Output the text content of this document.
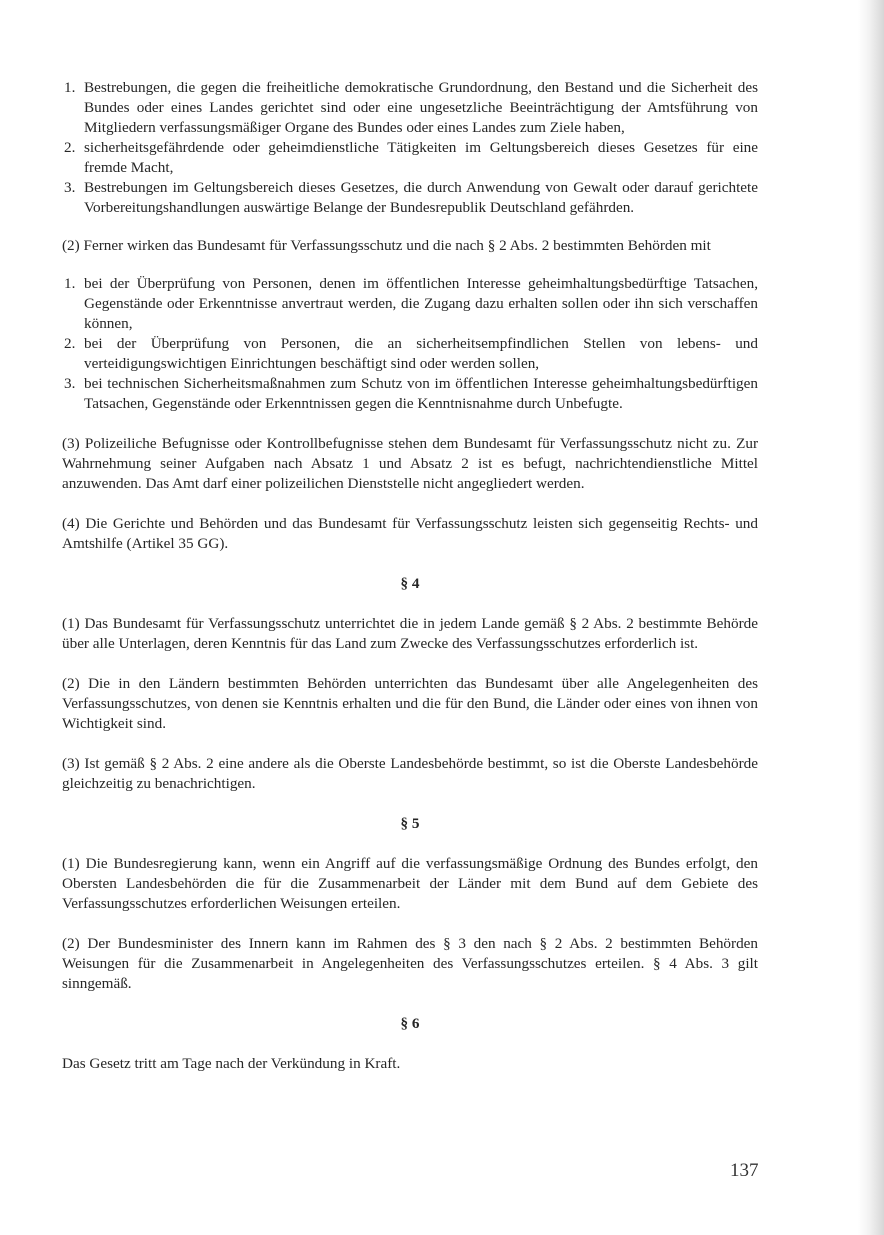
1. Bestrebungen, die gegen die freiheitliche demokratische Grundordnung, den Bestand und die Sicherheit des Bundes oder eines Landes gerichtet sind oder eine ungesetzliche Beeinträchtigung der Amtsführung von Mitgliedern verfassungsmäßiger Organe des Bundes oder eines Landes zum Ziele haben,
2. sicherheitsgefährdende oder geheimdienstliche Tätigkeiten im Geltungsbereich dieses Gesetzes für eine fremde Macht,
3. Bestrebungen im Geltungsbereich dieses Gesetzes, die durch Anwendung von Gewalt oder darauf gerichtete Vorbereitungshandlungen auswärtige Belange der Bundesrepublik Deutschland gefährden.

(2) Ferner wirken das Bundesamt für Verfassungsschutz und die nach § 2 Abs. 2 bestimmten Behörden mit

1. bei der Überprüfung von Personen, denen im öffentlichen Interesse geheimhaltungsbedürftige Tatsachen, Gegenstände oder Erkenntnisse anvertraut werden, die Zugang dazu erhalten sollen oder ihn sich verschaffen können,
2. bei der Überprüfung von Personen, die an sicherheitsempfindlichen Stellen von lebens- und verteidigungswichtigen Einrichtungen beschäftigt sind oder werden sollen,
3. bei technischen Sicherheitsmaßnahmen zum Schutz von im öffentlichen Interesse geheimhaltungsbedürftigen Tatsachen, Gegenstände oder Erkenntnissen gegen die Kenntnisnahme durch Unbefugte.

(3) Polizeiliche Befugnisse oder Kontrollbefugnisse stehen dem Bundesamt für Verfassungsschutz nicht zu. Zur Wahrnehmung seiner Aufgaben nach Absatz 1 und Absatz 2 ist es befugt, nachrichtendienstliche Mittel anzuwenden. Das Amt darf einer polizeilichen Dienststelle nicht angegliedert werden.

(4) Die Gerichte und Behörden und das Bundesamt für Verfassungsschutz leisten sich gegenseitig Rechts- und Amtshilfe (Artikel 35 GG).

§ 4

(1) Das Bundesamt für Verfassungsschutz unterrichtet die in jedem Lande gemäß § 2 Abs. 2 bestimmte Behörde über alle Unterlagen, deren Kenntnis für das Land zum Zwecke des Verfassungsschutzes erforderlich ist.

(2) Die in den Ländern bestimmten Behörden unterrichten das Bundesamt über alle Angelegenheiten des Verfassungsschutzes, von denen sie Kenntnis erhalten und die für den Bund, die Länder oder eines von ihnen von Wichtigkeit sind.

(3) Ist gemäß § 2 Abs. 2 eine andere als die Oberste Landesbehörde bestimmt, so ist die Oberste Landesbehörde gleichzeitig zu benachrichtigen.

§ 5

(1) Die Bundesregierung kann, wenn ein Angriff auf die verfassungsmäßige Ordnung des Bundes erfolgt, den Obersten Landesbehörden die für die Zusammenarbeit der Länder mit dem Bund auf dem Gebiete des Verfassungsschutzes erforderlichen Weisungen erteilen.

(2) Der Bundesminister des Innern kann im Rahmen des § 3 den nach § 2 Abs. 2 bestimmten Behörden Weisungen für die Zusammenarbeit in Angelegenheiten des Verfassungsschutzes erteilen. § 4 Abs. 3 gilt sinngemäß.

§ 6

Das Gesetz tritt am Tage nach der Verkündung in Kraft.

137
